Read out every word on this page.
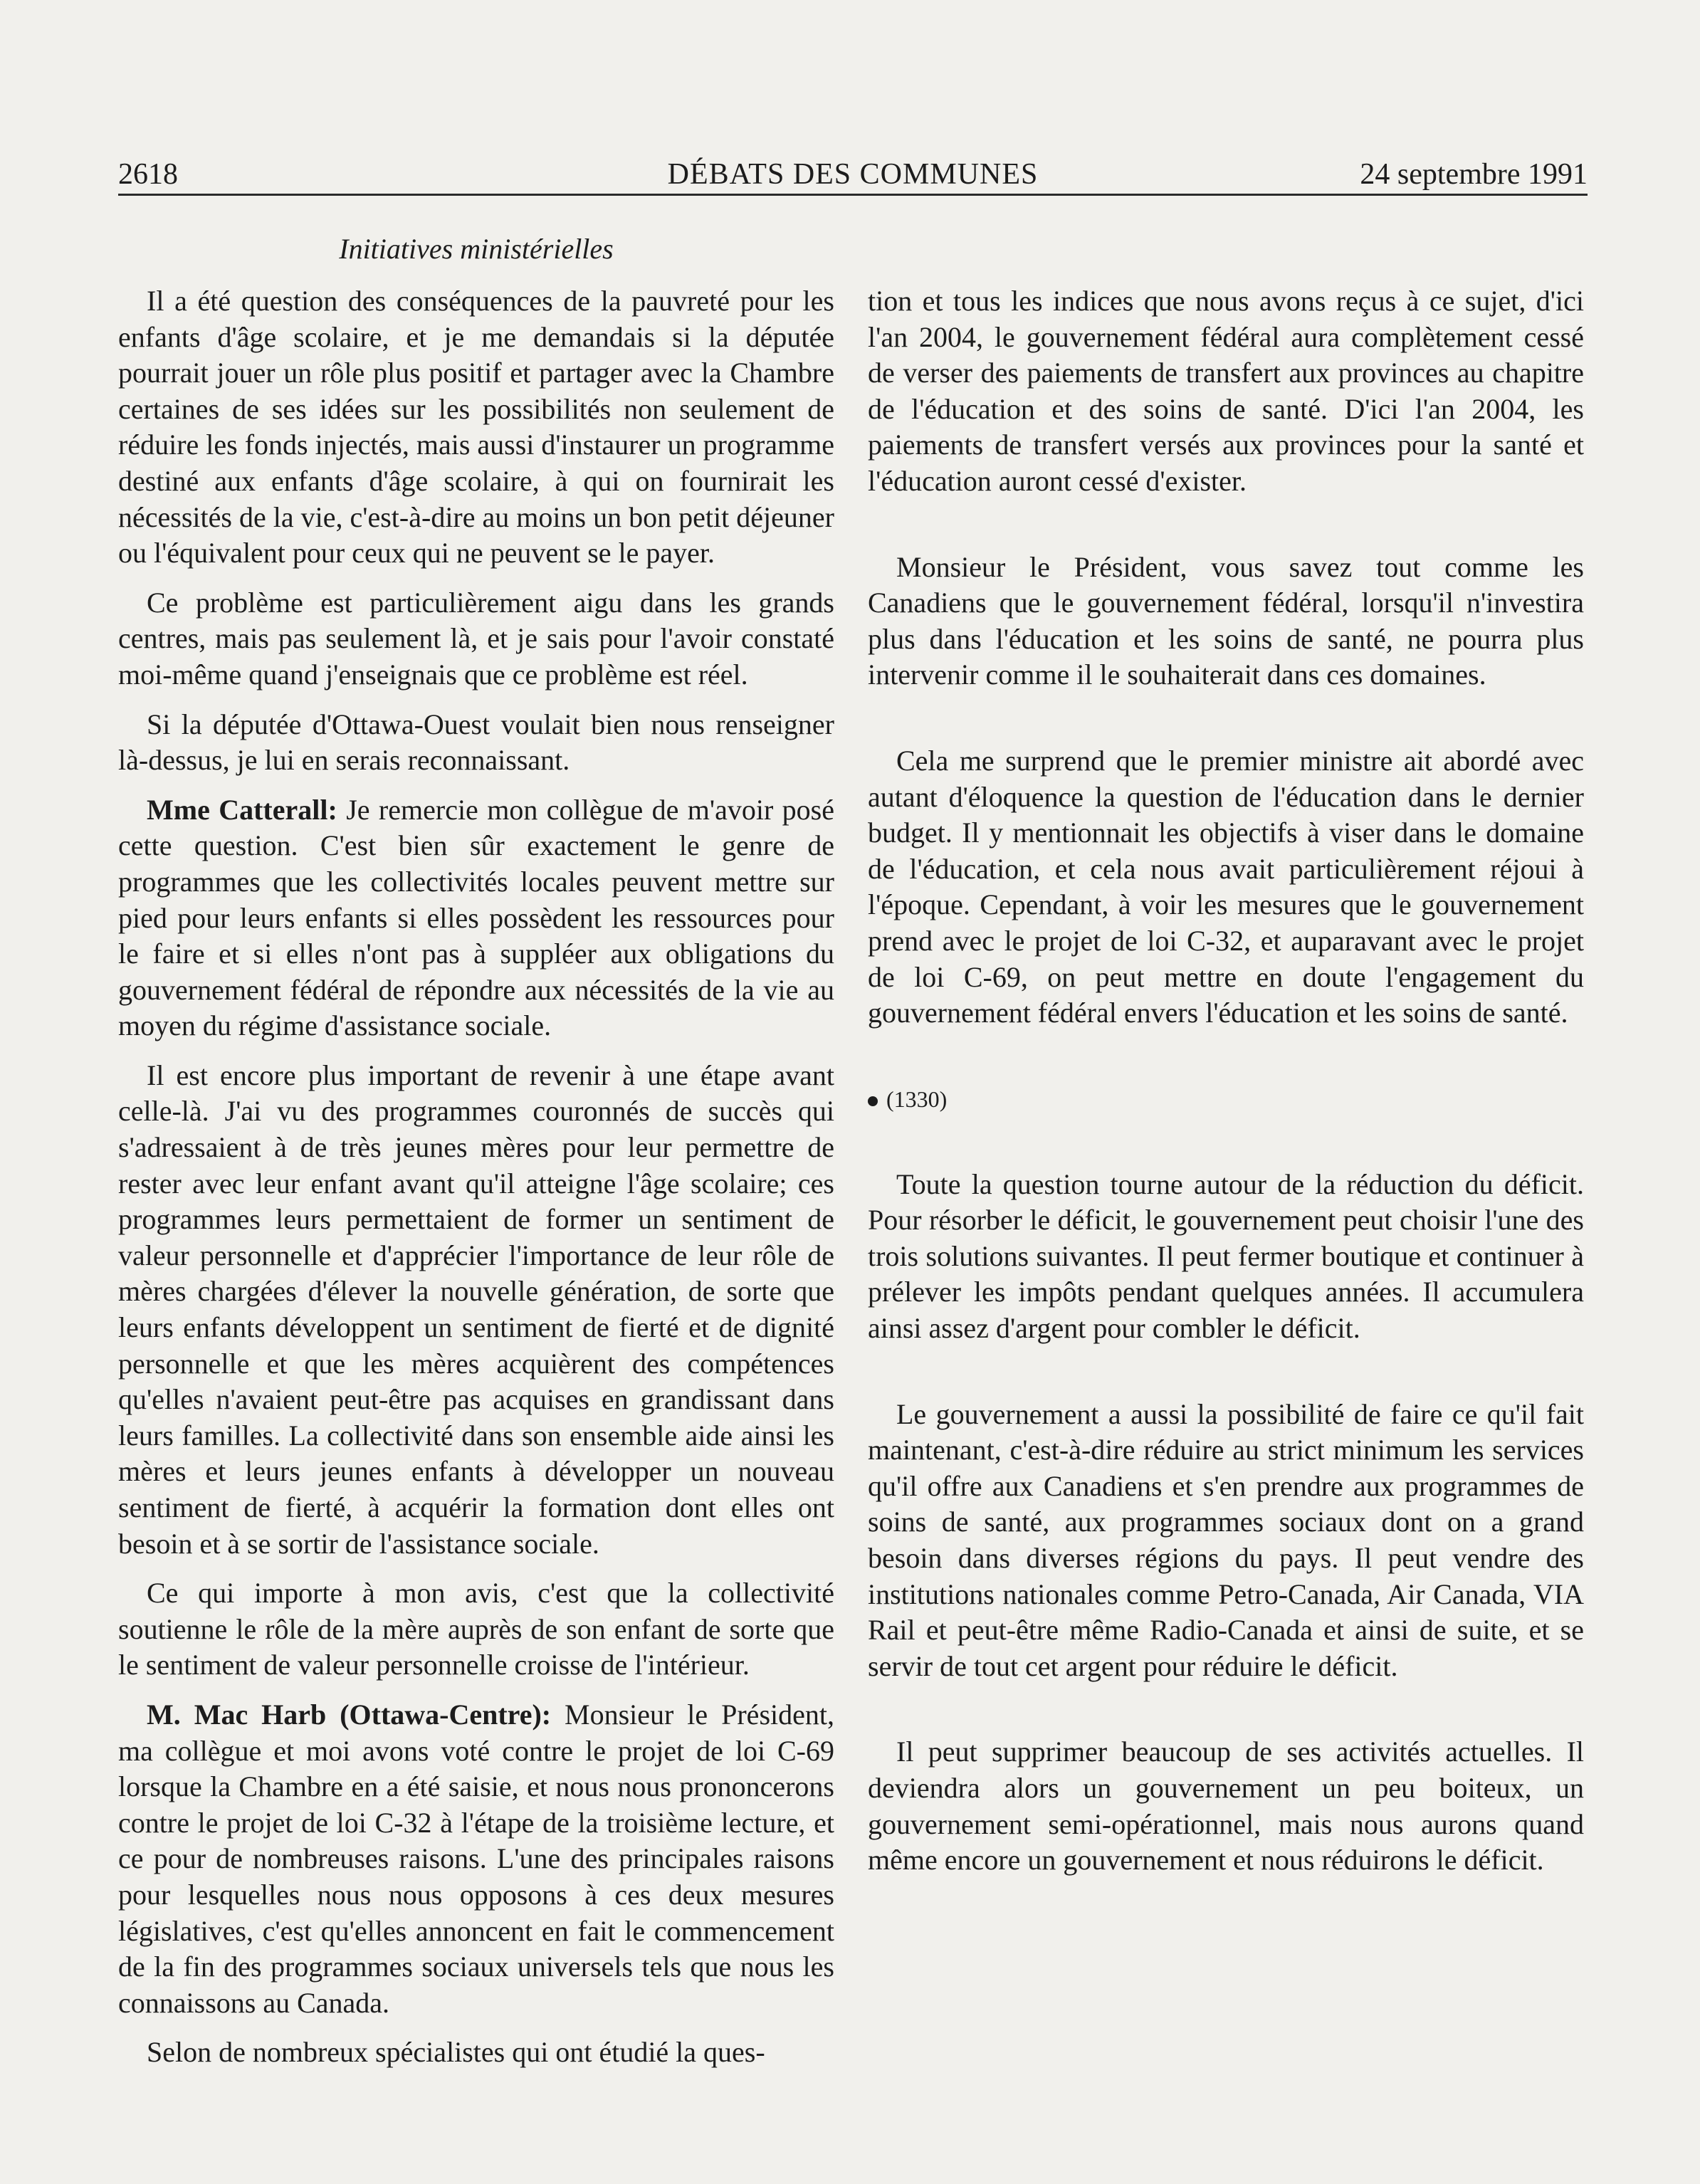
2618	DÉBATS DES COMMUNES	24 septembre 1991
Initiatives ministérielles

Il a été question des conséquences de la pauvreté pour les enfants d'âge scolaire, et je me demandais si la députée pourrait jouer un rôle plus positif et partager avec la Chambre certaines de ses idées sur les possibilités non seulement de réduire les fonds injectés, mais aussi d'instaurer un programme destiné aux enfants d'âge scolaire, à qui on fournirait les nécessités de la vie, c'est-à-dire au moins un bon petit déjeuner ou l'équivalent pour ceux qui ne peuvent se le payer.

Ce problème est particulièrement aigu dans les grands centres, mais pas seulement là, et je sais pour l'avoir constaté moi-même quand j'enseignais que ce problème est réel.

Si la députée d'Ottawa-Ouest voulait bien nous renseigner là-dessus, je lui en serais reconnaissant.

Mme Catterall: Je remercie mon collègue de m'avoir posé cette question. C'est bien sûr exactement le genre de programmes que les collectivités locales peuvent mettre sur pied pour leurs enfants si elles possèdent les ressources pour le faire et si elles n'ont pas à suppléer aux obligations du gouvernement fédéral de répondre aux nécessités de la vie au moyen du régime d'assistance sociale.

Il est encore plus important de revenir à une étape avant celle-là. J'ai vu des programmes couronnés de succès qui s'adressaient à de très jeunes mères pour leur permettre de rester avec leur enfant avant qu'il atteigne l'âge scolaire; ces programmes leurs permettaient de former un sentiment de valeur personnelle et d'apprécier l'importance de leur rôle de mères chargées d'élever la nouvelle génération, de sorte que leurs enfants développent un sentiment de fierté et de dignité personnelle et que les mères acquièrent des compétences qu'elles n'avaient peut-être pas acquises en grandissant dans leurs familles. La collectivité dans son ensemble aide ainsi les mères et leurs jeunes enfants à développer un nouveau sentiment de fierté, à acquérir la formation dont elles ont besoin et à se sortir de l'assistance sociale.

Ce qui importe à mon avis, c'est que la collectivité soutienne le rôle de la mère auprès de son enfant de sorte que le sentiment de valeur personnelle croisse de l'intérieur.

M. Mac Harb (Ottawa-Centre): Monsieur le Président, ma collègue et moi avons voté contre le projet de loi C-69 lorsque la Chambre en a été saisie, et nous nous prononcerons contre le projet de loi C-32 à l'étape de la troisième lecture, et ce pour de nombreuses raisons. L'une des principales raisons pour lesquelles nous nous opposons à ces deux mesures législatives, c'est qu'elles annoncent en fait le commencement de la fin des programmes sociaux universels tels que nous les connaissons au Canada.

Selon de nombreux spécialistes qui ont étudié la ques-

tion et tous les indices que nous avons reçus à ce sujet, d'ici l'an 2004, le gouvernement fédéral aura complètement cessé de verser des paiements de transfert aux provinces au chapitre de l'éducation et des soins de santé. D'ici l'an 2004, les paiements de transfert versés aux provinces pour la santé et l'éducation auront cessé d'exister.

Monsieur le Président, vous savez tout comme les Canadiens que le gouvernement fédéral, lorsqu'il n'investira plus dans l'éducation et les soins de santé, ne pourra plus intervenir comme il le souhaiterait dans ces domaines.

Cela me surprend que le premier ministre ait abordé avec autant d'éloquence la question de l'éducation dans le dernier budget. Il y mentionnait les objectifs à viser dans le domaine de l'éducation, et cela nous avait particulièrement réjoui à l'époque. Cependant, à voir les mesures que le gouvernement prend avec le projet de loi C-32, et auparavant avec le projet de loi C-69, on peut mettre en doute l'engagement du gouvernement fédéral envers l'éducation et les soins de santé.

(1330)

Toute la question tourne autour de la réduction du déficit. Pour résorber le déficit, le gouvernement peut choisir l'une des trois solutions suivantes. Il peut fermer boutique et continuer à prélever les impôts pendant quelques années. Il accumulera ainsi assez d'argent pour combler le déficit.

Le gouvernement a aussi la possibilité de faire ce qu'il fait maintenant, c'est-à-dire réduire au strict minimum les services qu'il offre aux Canadiens et s'en prendre aux programmes de soins de santé, aux programmes sociaux dont on a grand besoin dans diverses régions du pays. Il peut vendre des institutions nationales comme Petro-Canada, Air Canada, VIA Rail et peut-être même Radio-Canada et ainsi de suite, et se servir de tout cet argent pour réduire le déficit.

Il peut supprimer beaucoup de ses activités actuelles. Il deviendra alors un gouvernement un peu boiteux, un gouvernement semi-opérationnel, mais nous aurons quand même encore un gouvernement et nous réduirons le déficit.
